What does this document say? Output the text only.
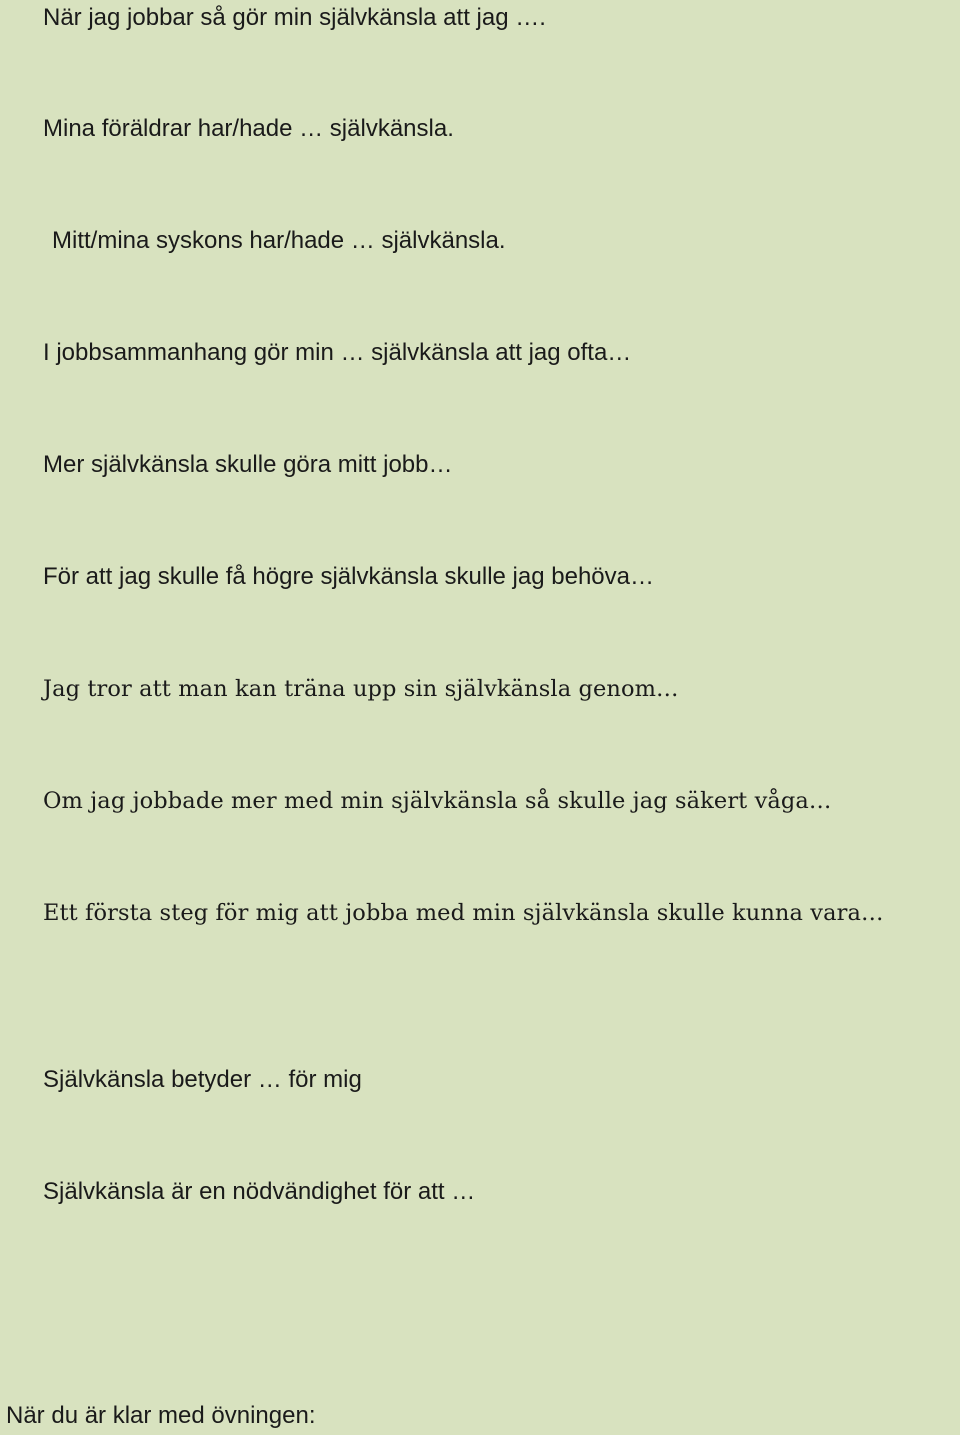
När jag jobbar så gör min självkänsla att jag ….

Mina föräldrar har/hade … självkänsla.

Mitt/mina syskons har/hade … självkänsla.

I jobbsammanhang gör min … självkänsla att jag ofta…

Mer självkänsla skulle göra mitt jobb…

För att jag skulle få högre självkänsla skulle jag behöva…

Jag tror att man kan träna upp sin självkänsla genom…

Om jag jobbade mer med min självkänsla så skulle jag säkert våga…

Ett första steg för mig att jobba med min självkänsla skulle kunna vara…

Självkänsla betyder … för mig

Självkänsla är en nödvändighet för att …

När du är klar med övningen:
